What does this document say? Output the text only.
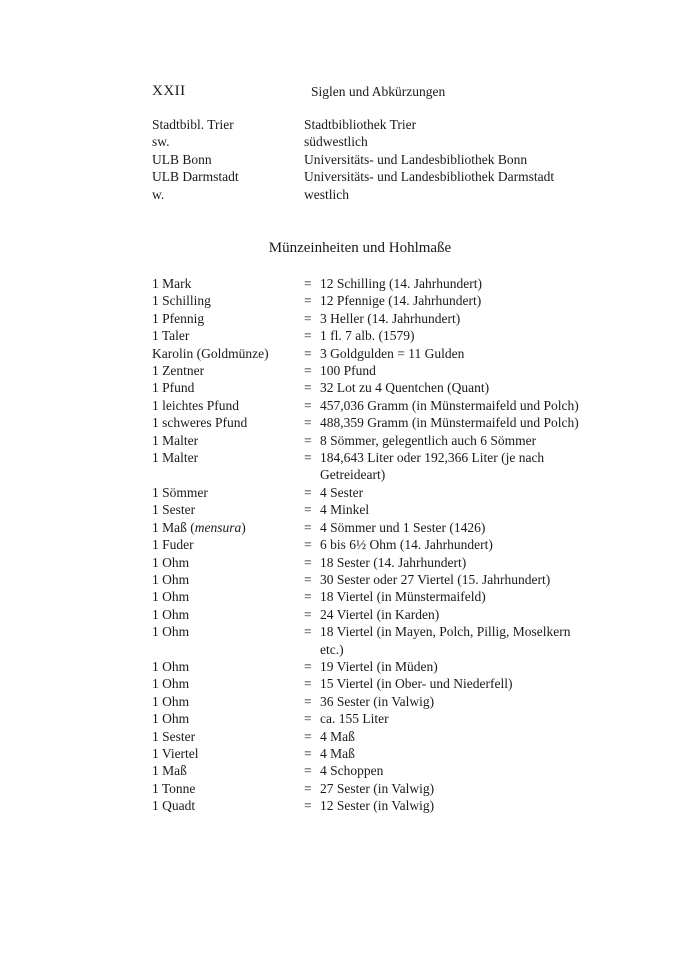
XXII	Siglen und Abkürzungen
Stadtbibl. Trier	Stadtbibliothek Trier
sw.	südwestlich
ULB Bonn	Universitäts- und Landesbibliothek Bonn
ULB Darmstadt	Universitäts- und Landesbibliothek Darmstadt
w.	westlich
Münzeinheiten und Hohlmaße
1 Mark	= 12 Schilling (14. Jahrhundert)
1 Schilling	= 12 Pfennige (14. Jahrhundert)
1 Pfennig	= 3 Heller (14. Jahrhundert)
1 Taler	= 1 fl. 7 alb. (1579)
Karolin (Goldmünze)	= 3 Goldgulden = 11 Gulden
1 Zentner	= 100 Pfund
1 Pfund	= 32 Lot zu 4 Quentchen (Quant)
1 leichtes Pfund	= 457,036 Gramm (in Münstermaifeld und Polch)
1 schweres Pfund	= 488,359 Gramm (in Münstermaifeld und Polch)
1 Malter	= 8 Sömmer, gelegentlich auch 6 Sömmer
1 Malter	= 184,643 Liter oder 192,366 Liter (je nach
Getreideart)
1 Sömmer	= 4 Sester
1 Sester	= 4 Minkel
1 Maß (mensura)	= 4 Sömmer und 1 Sester (1426)
1 Fuder	= 6 bis 6½ Ohm (14. Jahrhundert)
1 Ohm	= 18 Sester (14. Jahrhundert)
1 Ohm	= 30 Sester oder 27 Viertel (15. Jahrhundert)
1 Ohm	= 18 Viertel (in Münstermaifeld)
1 Ohm	= 24 Viertel (in Karden)
1 Ohm	= 18 Viertel (in Mayen, Polch, Pillig, Moselkern
etc.)
1 Ohm	= 19 Viertel (in Müden)
1 Ohm	= 15 Viertel (in Ober- und Niederfell)
1 Ohm	= 36 Sester (in Valwig)
1 Ohm	= ca. 155 Liter
1 Sester	= 4 Maß
1 Viertel	= 4 Maß
1 Maß	= 4 Schoppen
1 Tonne	= 27 Sester (in Valwig)
1 Quadt	= 12 Sester (in Valwig)
